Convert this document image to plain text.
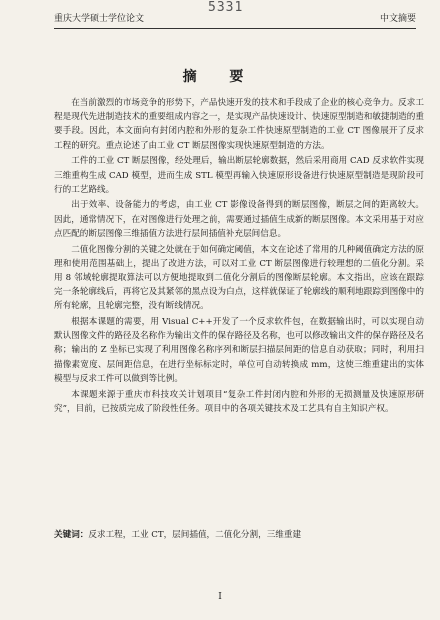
5331
重庆大学硕士学位论文	中文摘要
摘 要

在当前激烈的市场竞争的形势下，产品快速开发的技术和手段成了企业的核心竞争力。反求工程是现代先进制造技术的重要组成内容之一，是实现产品快速设计、快速原型制造和敏捷制造的重要手段。因此，本文面向有封闭内腔和外形的复杂工件快速原型制造的工业 CT 图像展开了反求工程的研究。重点论述了由工业 CT 断层图像实现快速原型制造的方法。

工件的工业 CT 断层图像，经处理后，输出断层轮廓数据，然后采用商用 CAD 反求软件实现三维重构生成 CAD 模型，进而生成 STL 模型再输入快速原形设备进行快速原型制造是现阶段可行的工艺路线。

出于效率、设备能力的考虑，由工业 CT 影像设备得到的断层图像，断层之间的距离较大。因此，通常情况下，在对图像进行处理之前，需要通过插值生成新的断层图像。本文采用基于对应点匹配的断层图像三维插值方法进行层间插值补充层间信息。

二值化图像分割的关键之处就在于如何确定阈值，本文在论述了常用的几种阈值确定方法的原理和使用范围基础上，提出了改进方法，可以对工业 CT 断层图像进行较理想的二值化分割。采用 8 邻域轮廓提取算法可以方便地提取到二值化分割后的图像断层轮廓。本文指出，应该在跟踪完一条轮廓线后，再将它及其紧邻的黑点设为白点，这样就保证了轮廓线的顺利地跟踪到图像中的所有轮廓，且轮廓完整，没有断线情况。

根据本课题的需要，用 Visual C++开发了一个反求软件包，在数据输出时，可以实现自动默认图像文件的路径及名称作为输出文件的保存路径及名称，也可以修改输出文件的保存路径及名称；输出的 Z 坐标已实现了利用图像名称序列和断层扫描层间距的信息自动获取；同时，利用扫描像素宽度、层间距信息，在进行坐标标定时，单位可自动转换成 mm，这使三维重建出的实体模型与反求工件可以做到等比例。

本课题来源于重庆市科技攻关计划项目“复杂工件封闭内腔和外形的无损测量及快速原形研究”，目前，已按质完成了阶段性任务。项目中的各项关键技术及工艺具有自主知识产权。

关键词：反求工程，工业 CT，层间插值，二值化分割，三维重建
I
